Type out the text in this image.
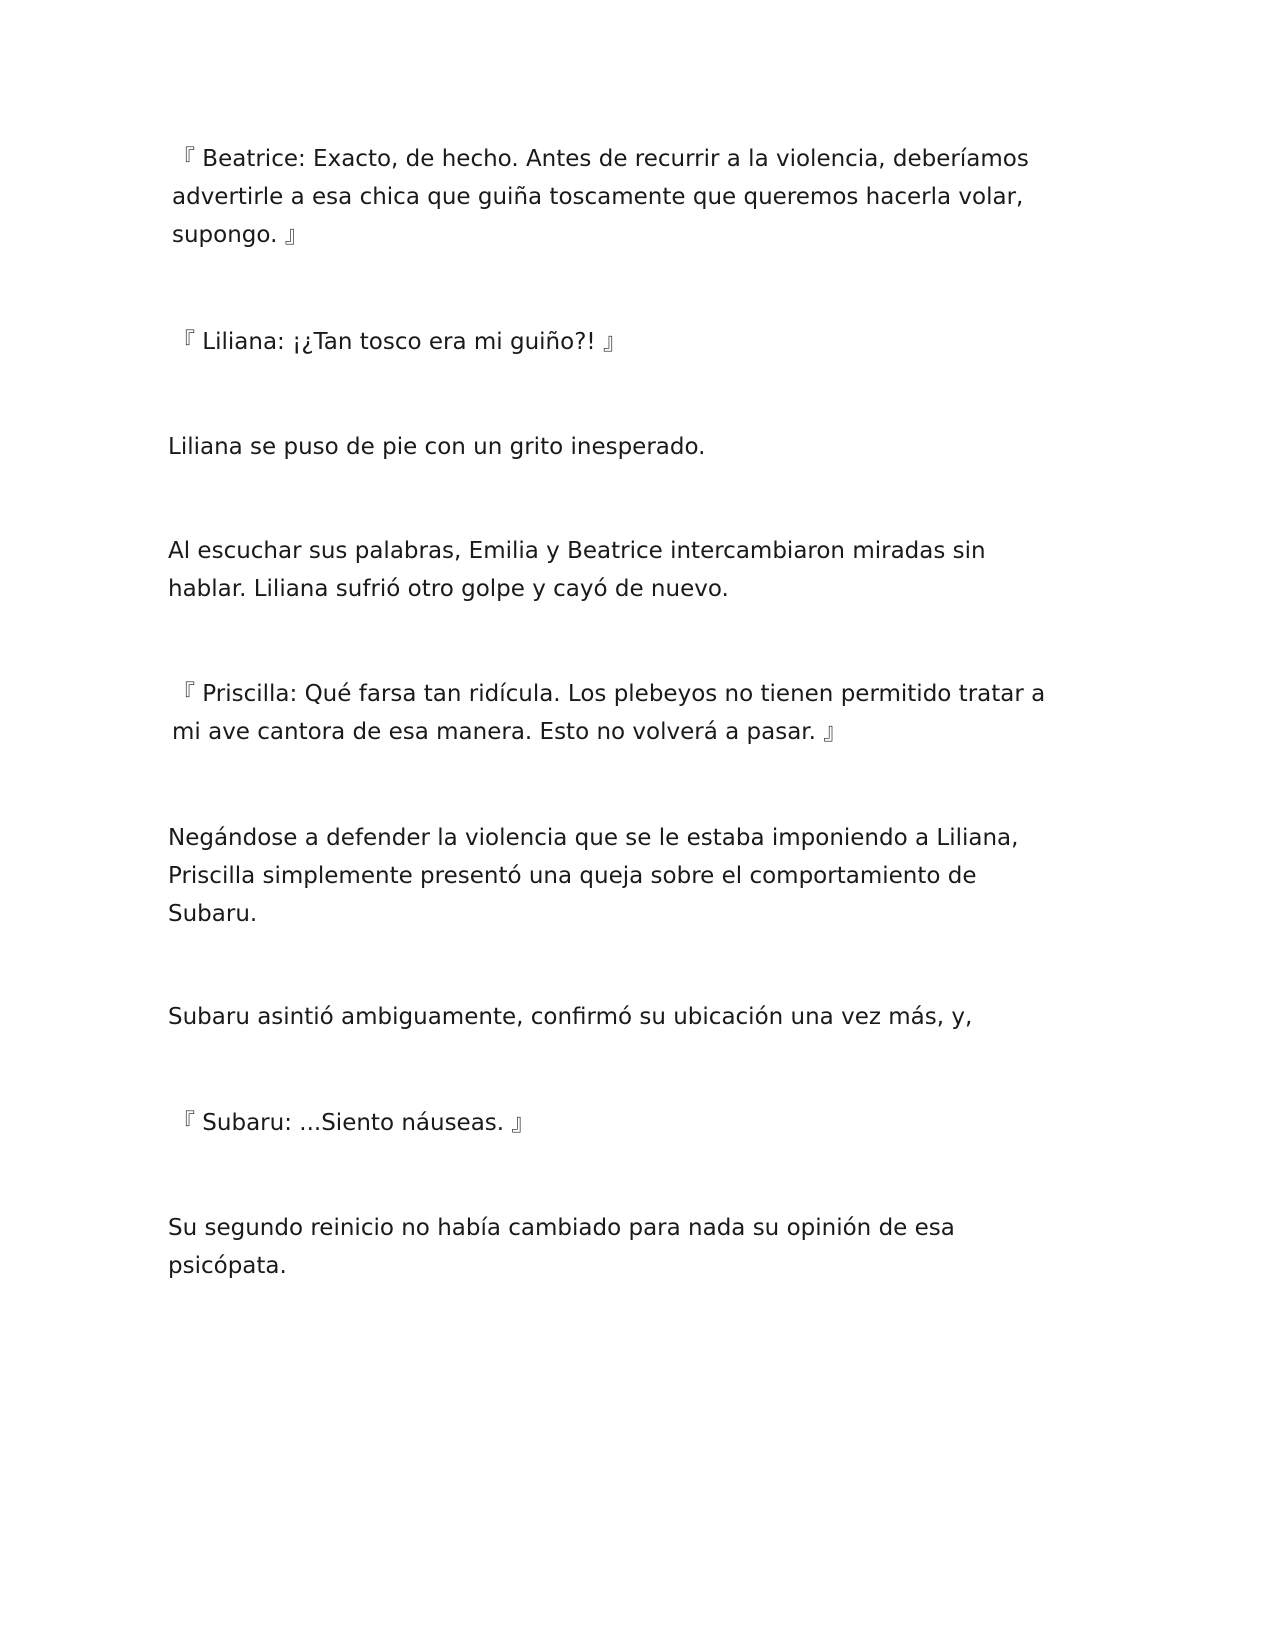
『 Beatrice: Exacto, de hecho. Antes de recurrir a la violencia, deberíamos advertirle a esa chica que guiña toscamente que queremos hacerla volar, supongo. 』

『 Liliana: ¡¿Tan tosco era mi guiño?! 』

Liliana se puso de pie con un grito inesperado.

Al escuchar sus palabras, Emilia y Beatrice intercambiaron miradas sin hablar. Liliana sufrió otro golpe y cayó de nuevo.

『 Priscilla: Qué farsa tan ridícula. Los plebeyos no tienen permitido tratar a mi ave cantora de esa manera. Esto no volverá a pasar. 』

Negándose a defender la violencia que se le estaba imponiendo a Liliana, Priscilla simplemente presentó una queja sobre el comportamiento de Subaru.

Subaru asintió ambiguamente, confirmó su ubicación una vez más, y,

『 Subaru: ...Siento náuseas. 』

Su segundo reinicio no había cambiado para nada su opinión de esa psicópata.
